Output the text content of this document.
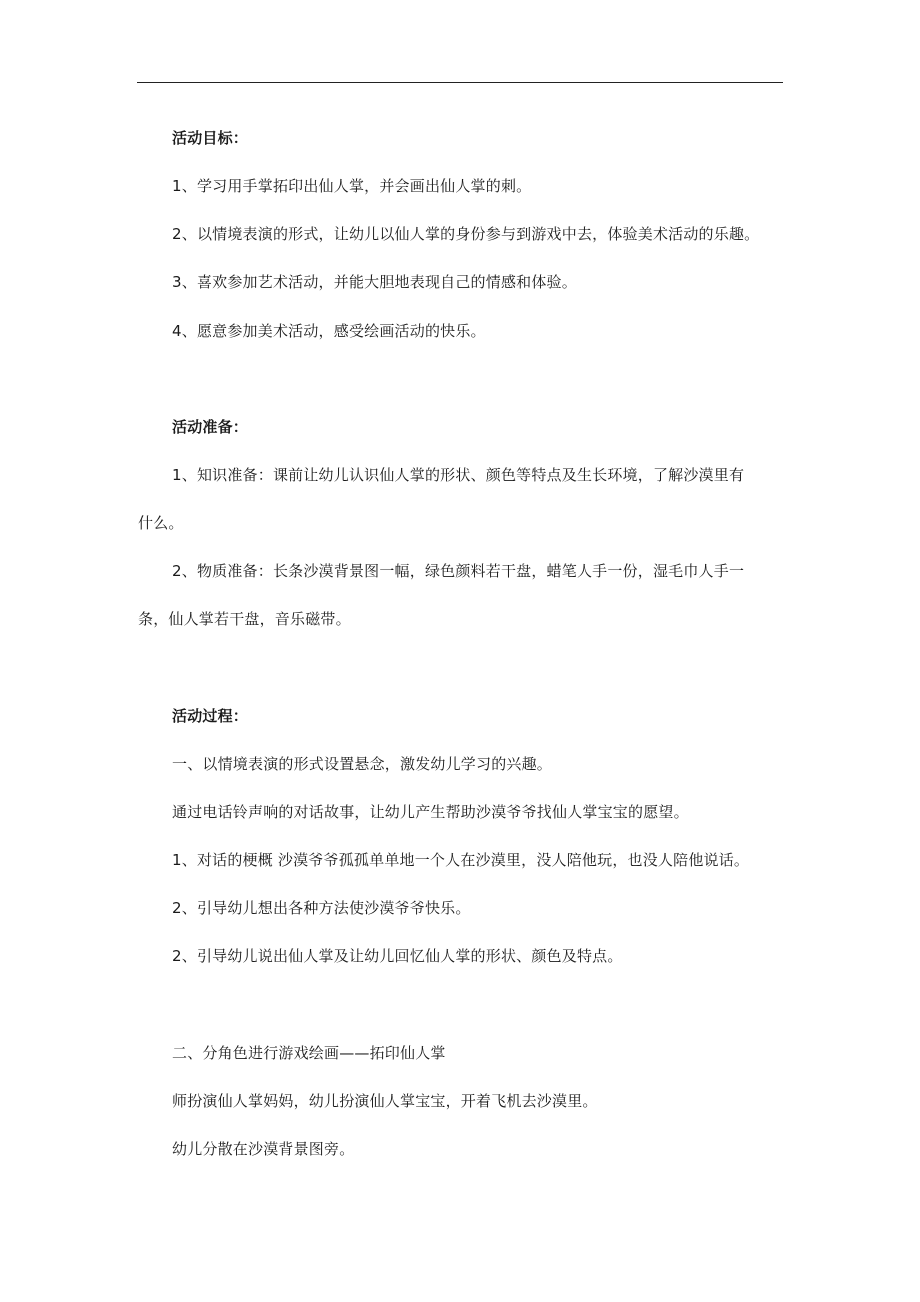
活动目标：
1、学习用手掌拓印出仙人掌，并会画出仙人掌的刺。
2、以情境表演的形式，让幼儿以仙人掌的身份参与到游戏中去，体验美术活动的乐趣。
3、喜欢参加艺术活动，并能大胆地表现自己的情感和体验。
4、愿意参加美术活动，感受绘画活动的快乐。
活动准备：
1、知识准备：课前让幼儿认识仙人掌的形状、颜色等特点及生长环境，了解沙漠里有
什么。
2、物质准备：长条沙漠背景图一幅，绿色颜料若干盘，蜡笔人手一份，湿毛巾人手一
条，仙人掌若干盘，音乐磁带。
活动过程：
一、以情境表演的形式设置悬念，激发幼儿学习的兴趣。
通过电话铃声响的对话故事，让幼儿产生帮助沙漠爷爷找仙人掌宝宝的愿望。
1、对话的梗概 沙漠爷爷孤孤单单地一个人在沙漠里，没人陪他玩，也没人陪他说话。
2、引导幼儿想出各种方法使沙漠爷爷快乐。
2、引导幼儿说出仙人掌及让幼儿回忆仙人掌的形状、颜色及特点。
二、分角色进行游戏绘画——拓印仙人掌
师扮演仙人掌妈妈，幼儿扮演仙人掌宝宝，开着飞机去沙漠里。
幼儿分散在沙漠背景图旁。
